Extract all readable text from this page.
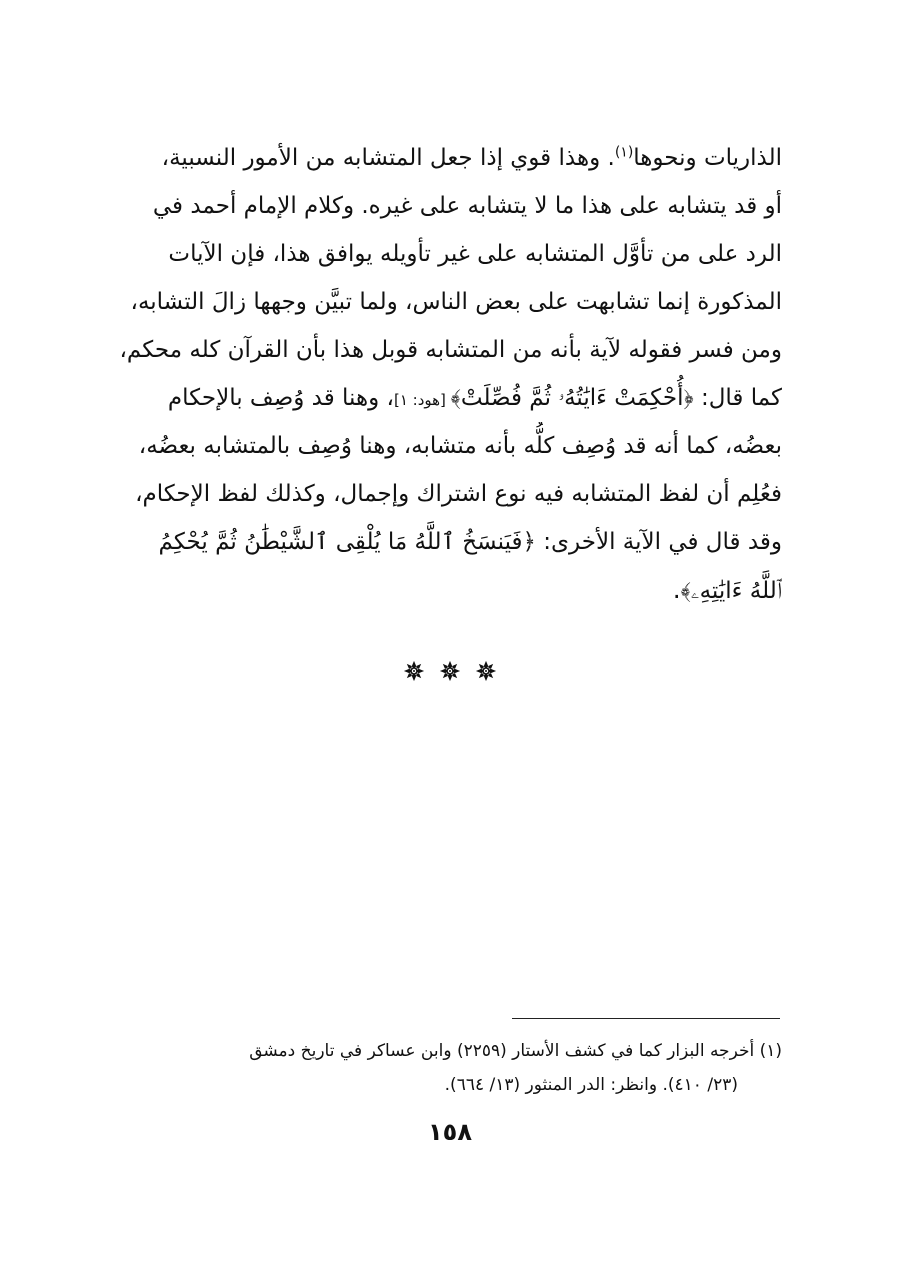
الذاريات ونحوها$^{(١)}$. وهذا قوي إذا جعل المتشابه من الأمور النسبية،
أو قد يتشابه على هذا ما لا يتشابه على غيره. وكلام الإمام أحمد في
الرد على من تأوَّل المتشابه على غير تأويله يوافق هذا، فإن الآيات
المذكورة إنما تشابهت على بعض الناس، ولما تبيَّن وجهها زالَ التشابه،
ومن فسر فقوله لآية بأنه من المتشابه قوبل هذا بأن القرآن كله محكم،
كما قال: ﴿أُحْكِمَتْ ءَايَٰتُهُۥ ثُمَّ فُصِّلَتْ﴾ [هود: ١]، وهنا قد وُصِف بالإحكام
بعضُه، كما أنه قد وُصِف كلُّه بأنه متشابه، وهنا وُصِف بالمتشابه بعضُه،
فعُلِم أن لفظ المتشابه فيه نوع اشتراك وإجمال، وكذلك لفظ الإحكام،
وقد قال في الآية الأخرى: ﴿فَيَنسَخُ ٱللَّهُ مَا يُلْقِى ٱلشَّيْطَٰنُ ثُمَّ يُحْكِمُ
ٱللَّهُ ءَايَٰتِهِۦ﴾.
(١) أخرجه البزار كما في كشف الأستار (٢٢٥٩) وابن عساكر في تاريخ دمشق
(٢٣/ ٤١٠). وانظر: الدر المنثور (١٣/ ٦٦٤).
١٥٨
